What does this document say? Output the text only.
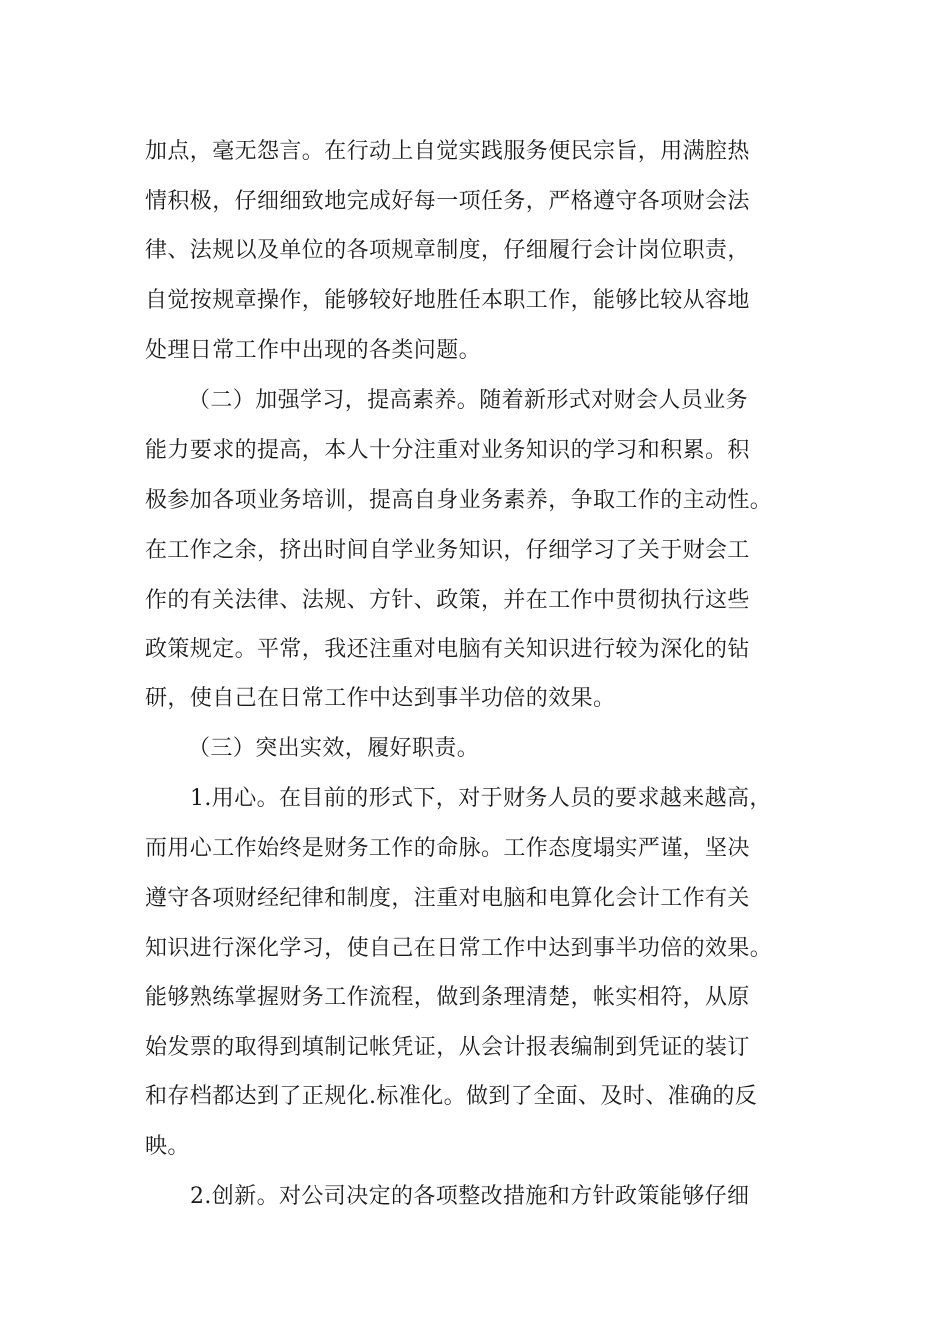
加点，毫无怨言。在行动上自觉实践服务便民宗旨，用满腔热
情积极，仔细细致地完成好每一项任务，严格遵守各项财会法
律、法规以及单位的各项规章制度，仔细履行会计岗位职责，
自觉按规章操作，能够较好地胜任本职工作，能够比较从容地
处理日常工作中出现的各类问题。
（二）加强学习，提高素养。随着新形式对财会人员业务
能力要求的提高，本人十分注重对业务知识的学习和积累。积
极参加各项业务培训，提高自身业务素养，争取工作的主动性。
在工作之余，挤出时间自学业务知识，仔细学习了关于财会工
作的有关法律、法规、方针、政策，并在工作中贯彻执行这些
政策规定。平常，我还注重对电脑有关知识进行较为深化的钻
研，使自己在日常工作中达到事半功倍的效果。
（三）突出实效，履好职责。
1.用心。在目前的形式下，对于财务人员的要求越来越高，
而用心工作始终是财务工作的命脉。工作态度塌实严谨，坚决
遵守各项财经纪律和制度，注重对电脑和电算化会计工作有关
知识进行深化学习，使自己在日常工作中达到事半功倍的效果。
能够熟练掌握财务工作流程，做到条理清楚，帐实相符，从原
始发票的取得到填制记帐凭证，从会计报表编制到凭证的装订
和存档都达到了正规化.标准化。做到了全面、及时、准确的反
映。
2.创新。对公司决定的各项整改措施和方针政策能够仔细
